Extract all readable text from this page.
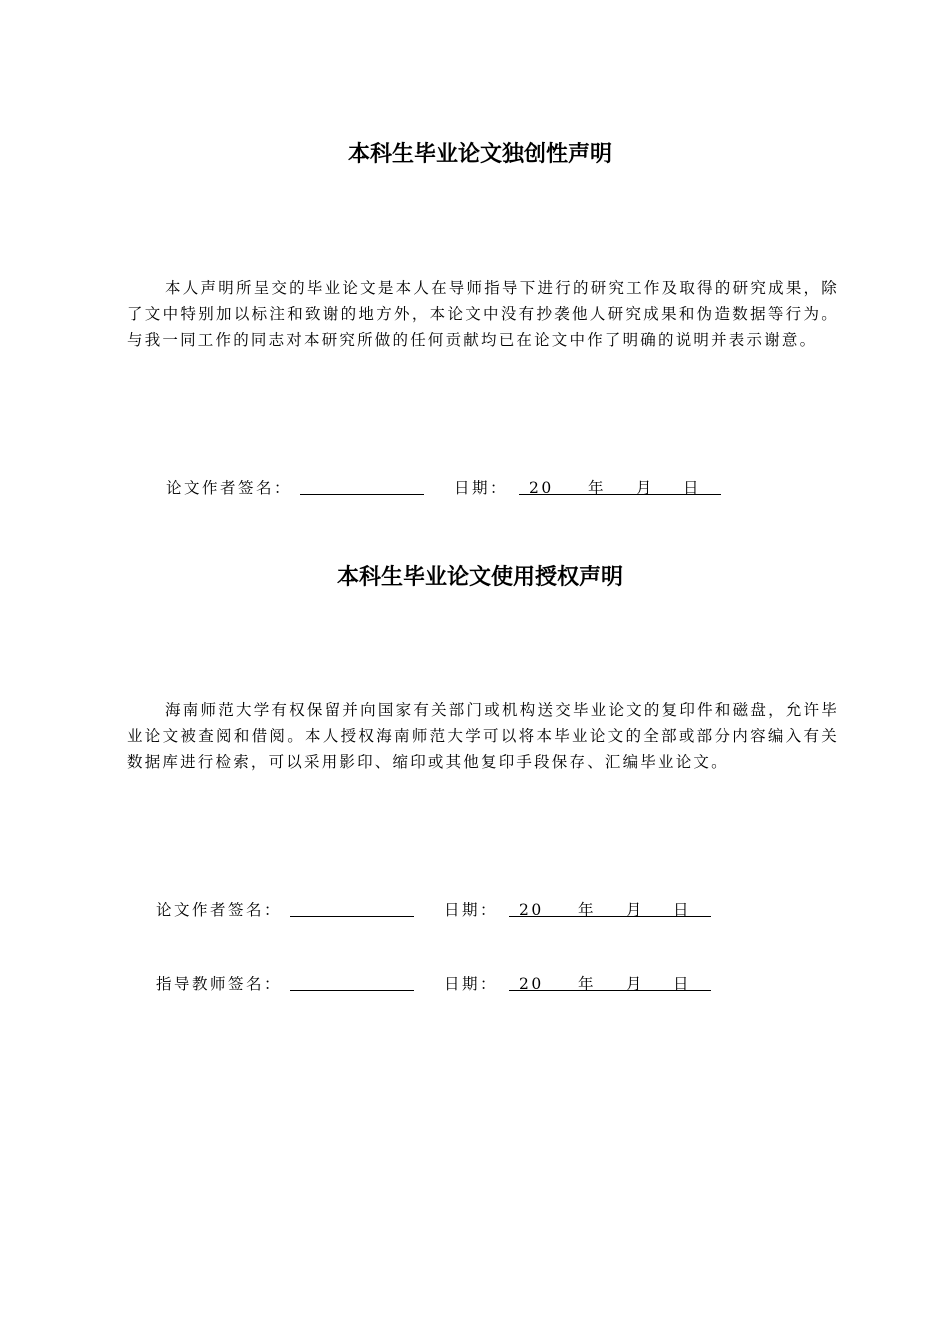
本科生毕业论文独创性声明
本人声明所呈交的毕业论文是本人在导师指导下进行的研究工作及取得的研究成果，除了文中特别加以标注和致谢的地方外，本论文中没有抄袭他人研究成果和伪造数据等行为。与我一同工作的同志对本研究所做的任何贡献均已在论文中作了明确的说明并表示谢意。
论文作者签名：	日期： 20 年 月 日
本科生毕业论文使用授权声明
海南师范大学有权保留并向国家有关部门或机构送交毕业论文的复印件和磁盘，允许毕业论文被查阅和借阅。本人授权海南师范大学可以将本毕业论文的全部或部分内容编入有关数据库进行检索，可以采用影印、缩印或其他复印手段保存、汇编毕业论文。
论文作者签名：	日期： 20 年 月 日
指导教师签名：	日期： 20 年 月 日
